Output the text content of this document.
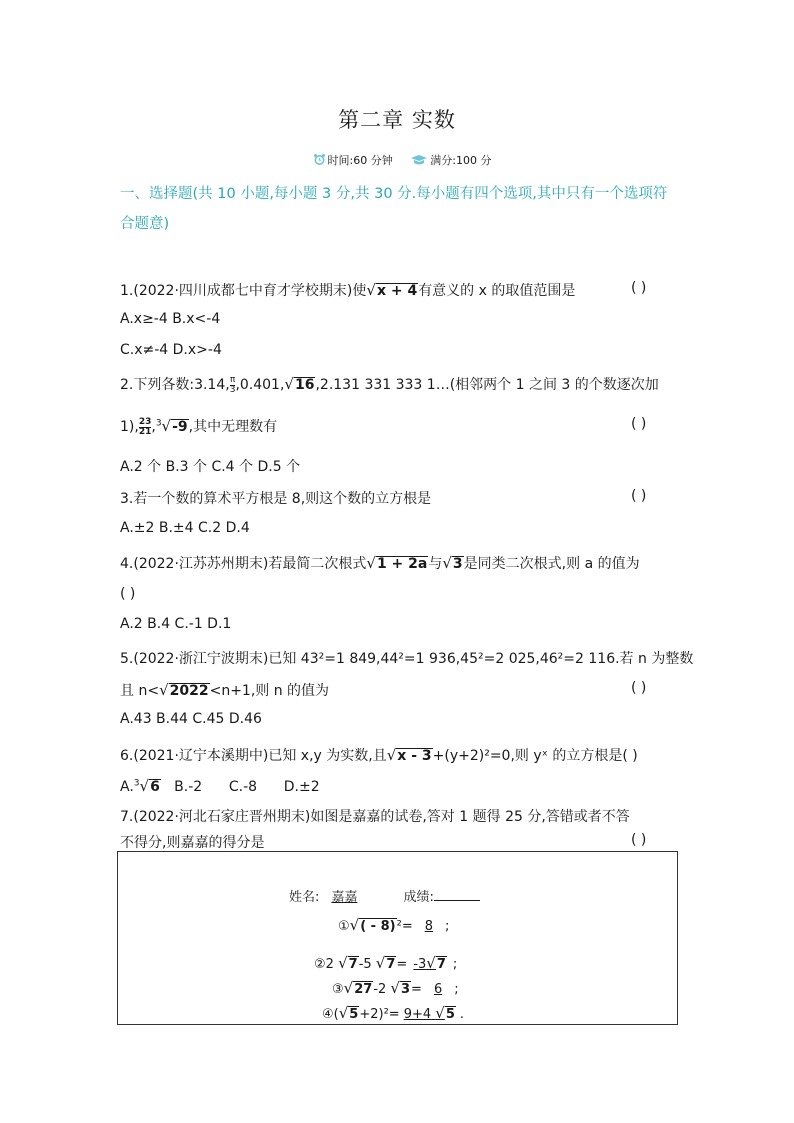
第二章 实数
时间:60 分钟	满分:100 分
一、选择题(共 10 小题,每小题 3 分,共 30 分.每小题有四个选项,其中只有一个选项符合题意)
1.(2022·四川成都七中育才学校期末)使√x + 4有意义的 x 的取值范围是	( )
A.x≥-4 B.x<-4
C.x≠-4 D.x>-4
2.下列各数:3.14, $\frac{\pi}{3} ,0.401,√16,2.131$ 331 333 1…(相邻两个 1 之间 3 的个数逐次加
1), $\frac{23}{21} ,^3√-9$,其中无理数有	( )
A.2 个 B.3 个 C.4 个 D.5 个
3.若一个数的算术平方根是 8,则这个数的立方根是	( )
A.±2 B.±4 C.2 D.4
4.(2022·江苏苏州期末)若最简二次根式√1 + 2a与√3是同类二次根式,则 a 的值为
( )
A.2 B.4 C.-1 D.1
5.(2022·浙江宁波期末)已知 43²=1 849,44²=1 936,45²=2 025,46²=2 116.若 n 为整数
且 n<√2022<n+1,则 n 的值为	( )
A.43 B.44 C.45 D.46
6.(2021·辽宁本溪期中)已知 x,y 为实数,且√x - 3+(y+2)²=0,则 yˣ 的立方根是( )
A.$^3$√6   B.-2      C.-8      D.±2
7.(2022·河北石家庄晋州期末)如图是嘉嘉的试卷,答对 1 题得 25 分,答错或者不答
不得分,则嘉嘉的得分是	( )
姓名: 嘉嘉	成绩:
①√( - 8)²= 8 ;
②2 √7-5 √7= -3√7 ;
③√27-2 √3= 6 ;
④(√5+2)²= 9+4 √5 .
